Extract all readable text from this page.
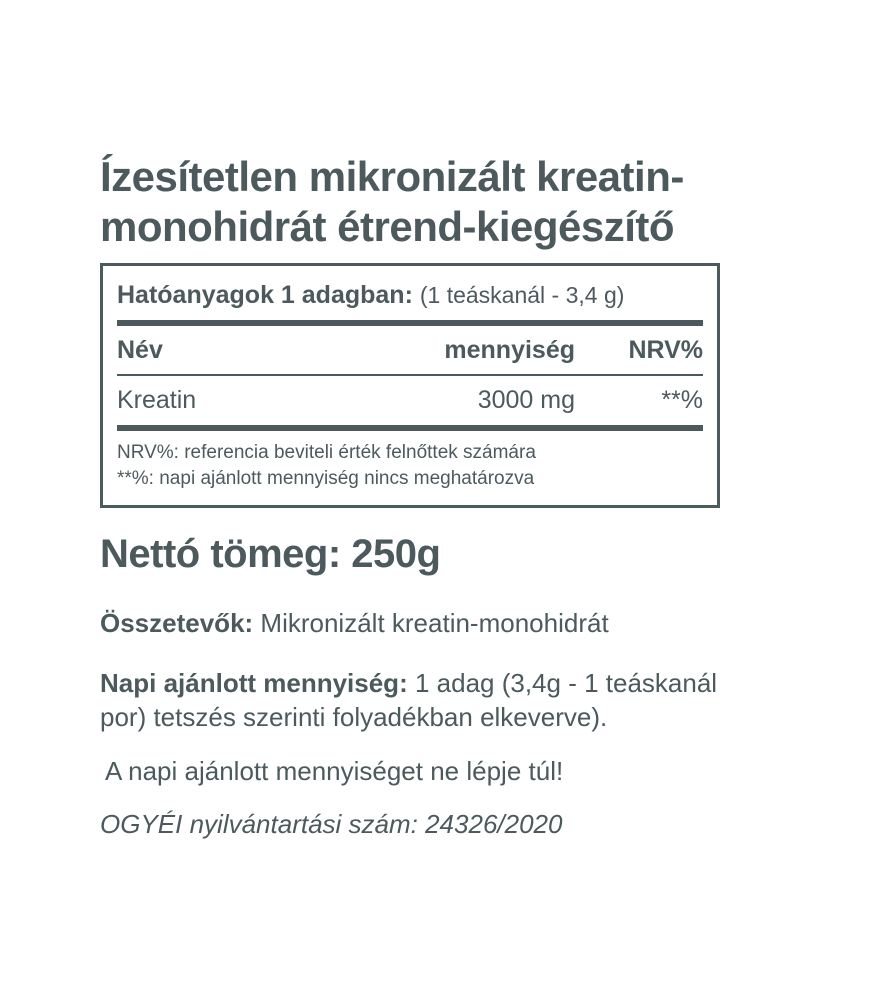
Ízesítetlen mikronizált kreatin-monohidrát étrend-kiegészítő
Hatóanyagok 1 adagban: (1 teáskanál - 3,4 g)
Név	mennyiség	NRV%
Kreatin	3000 mg	**%
NRV%: referencia beviteli érték felnőttek számára
**%: napi ajánlott mennyiség nincs meghatározva
Nettó tömeg: 250g
Összetevők: Mikronizált kreatin-monohidrát
Napi ajánlott mennyiség: 1 adag (3,4g - 1 teáskanál por) tetszés szerinti folyadékban elkeverve).
A napi ajánlott mennyiséget ne lépje túl!
OGYÉI nyilvántartási szám: 24326/2020
